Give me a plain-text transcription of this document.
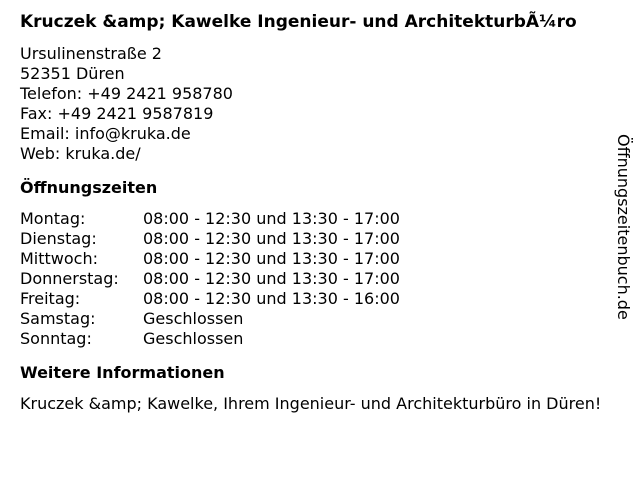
Kruczek &amp; Kawelke Ingenieur- und ArchitekturbÃ¼ro
Ursulinenstraße 2
52351 Düren
Telefon: +49 2421 958780
Fax: +49 2421 9587819
Email: info@kruka.de
Web: kruka.de/
Öffnungszeiten
Montag:	08:00 - 12:30 und 13:30 - 17:00
Dienstag:	08:00 - 12:30 und 13:30 - 17:00
Mittwoch:	08:00 - 12:30 und 13:30 - 17:00
Donnerstag:	08:00 - 12:30 und 13:30 - 17:00
Freitag:	08:00 - 12:30 und 13:30 - 16:00
Samstag:	Geschlossen
Sonntag:	Geschlossen
Weitere Informationen
Kruczek &amp; Kawelke, Ihrem Ingenieur- und Architekturbüro in Düren!
Öffnungszeitenbuch.de
